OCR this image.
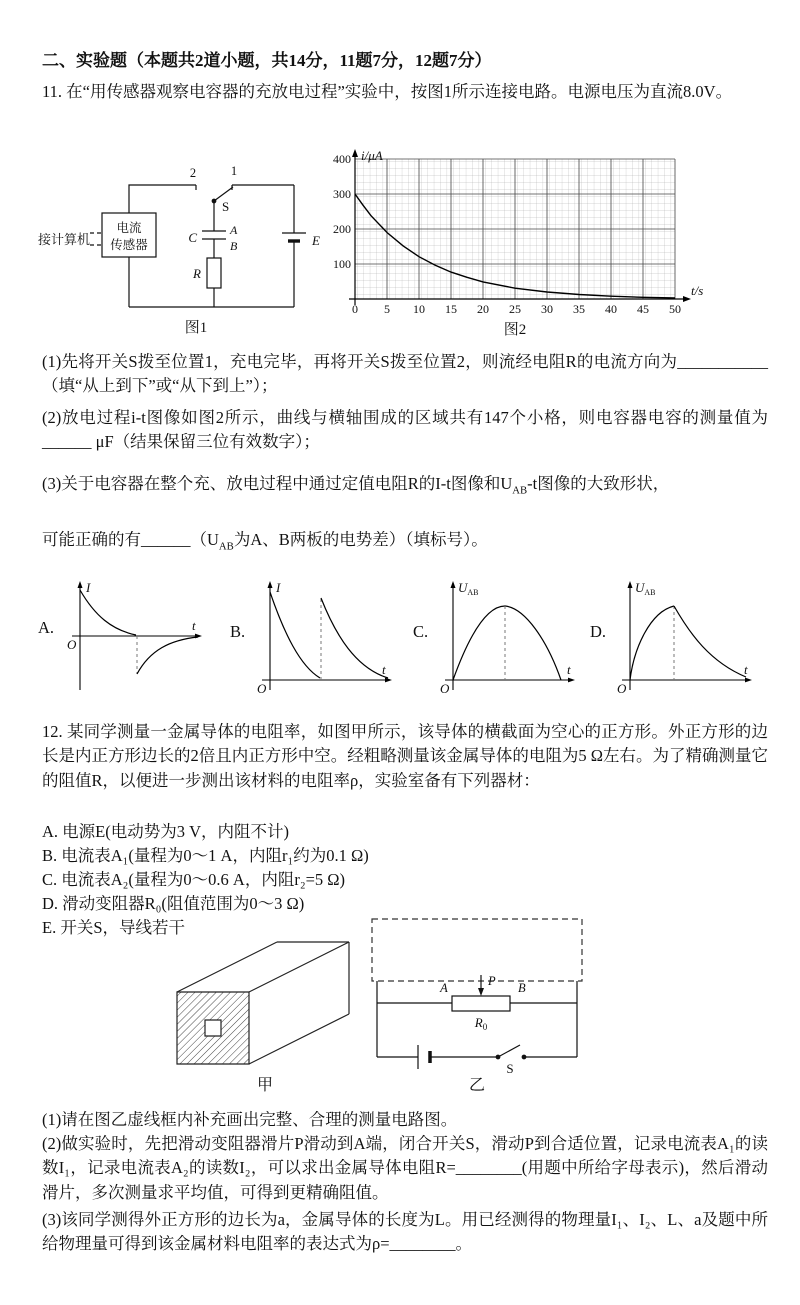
二、实验题（本题共2道小题，共14分，11题7分，12题7分）

11. 在“用传感器观察电容器的充放电过程”实验中，按图1所示连接电路。电源电压为直流8.0V。

接计算机
电流
传感器
2	1
S
C	A
B	E
R
图1
i/μA
t/s
400
300
200
100
0 5 10 15 20 25 30 35 40 45 50
图2

(1)先将开关S拨至位置1，充电完毕，再将开关S拨至位置2，则流经电阻R的电流方向为___________（填“从上到下”或“从下到上”）；

(2)放电过程i-t图像如图2所示，曲线与横轴围成的区域共有147个小格，则电容器电容的测量值为______ μF（结果保留三位有效数字）；

(3)关于电容器在整个充、放电过程中通过定值电阻R的I-t图像和$U_{AB}-t$图像的大致形状，

可能正确的有$\_\_\_\_\_\_(U_{AB}$为A、B两板的电势差）（填标号）。

A.
I
t
O
B.
I
t
O
C.
$U_{AB}$
t
O
D.
$U_{AB}$
t
O

12. 某同学测量一金属导体的电阻率，如图甲所示，该导体的横截面为空心的正方形。外正方形的边长是内正方形边长的2倍且内正方形中空。经粗略测量该金属导体的电阻为5 Ω左右。为了精确测量它的阻值R，以便进一步测出该材料的电阻率ρ，实验室备有下列器材：

A. 电源E(电动势为3 V，内阻不计)

B. 电流表A₁(量程为0～1 A，内阻r₁约为0.1 Ω)

C. 电流表A₂(量程为0～0.6 A，内阻r₂=5 Ω)

D. 滑动变阻器R₀(阻值范围为0～3 Ω)

E. 开关S，导线若干

甲
A	P B
$R_0$
S
乙

(1)请在图乙虚线框内补充画出完整、合理的测量电路图。

(2)做实验时，先把滑动变阻器滑片P滑动到A端，闭合开关S，滑动P到合适位置，记录电流表A₁的读数I₁，记录电流表A₂的读数I₂，可以求出金属导体电阻R=________(用题中所给字母表示)，然后滑动滑片，多次测量求平均值，可得到更精确阻值。

(3)该同学测得外正方形的边长为a，金属导体的长度为L。用已经测得的物理量I₁、I₂、L、a及题中所给物理量可得到该金属材料电阻率的表达式为ρ=________。
